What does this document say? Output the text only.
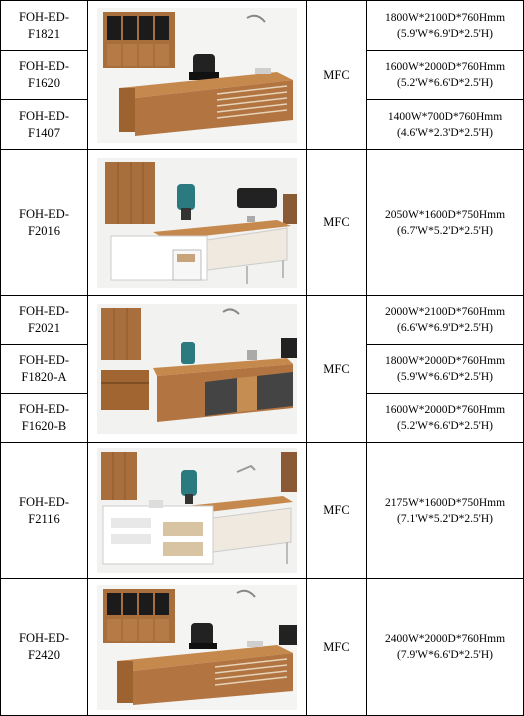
FOH-ED-F1821
FOH-ED-F1620
FOH-ED-F1407
MFC
1800W*2100D*760Hmm
(5.9'W*6.9'D*2.5'H)
1600W*2000D*760Hmm
(5.2'W*6.6'D*2.5'H)
1400W*700D*760Hmm
(4.6'W*2.3'D*2.5'H)
FOH-ED-F2016
MFC
2050W*1600D*750Hmm
(6.7'W*5.2'D*2.5'H)
FOH-ED-F2021
FOH-ED-F1820-A
FOH-ED-F1620-B
MFC
2000W*2100D*760Hmm
(6.6'W*6.9'D*2.5'H)
1800W*2000D*760Hmm
(5.9'W*6.6'D*2.5'H)
1600W*2000D*760Hmm
(5.2'W*6.6'D*2.5'H)
FOH-ED-F2116
MFC
2175W*1600D*750Hmm
(7.1'W*5.2'D*2.5'H)
FOH-ED-F2420
MFC
2400W*2000D*760Hmm
(7.9'W*6.6'D*2.5'H)
